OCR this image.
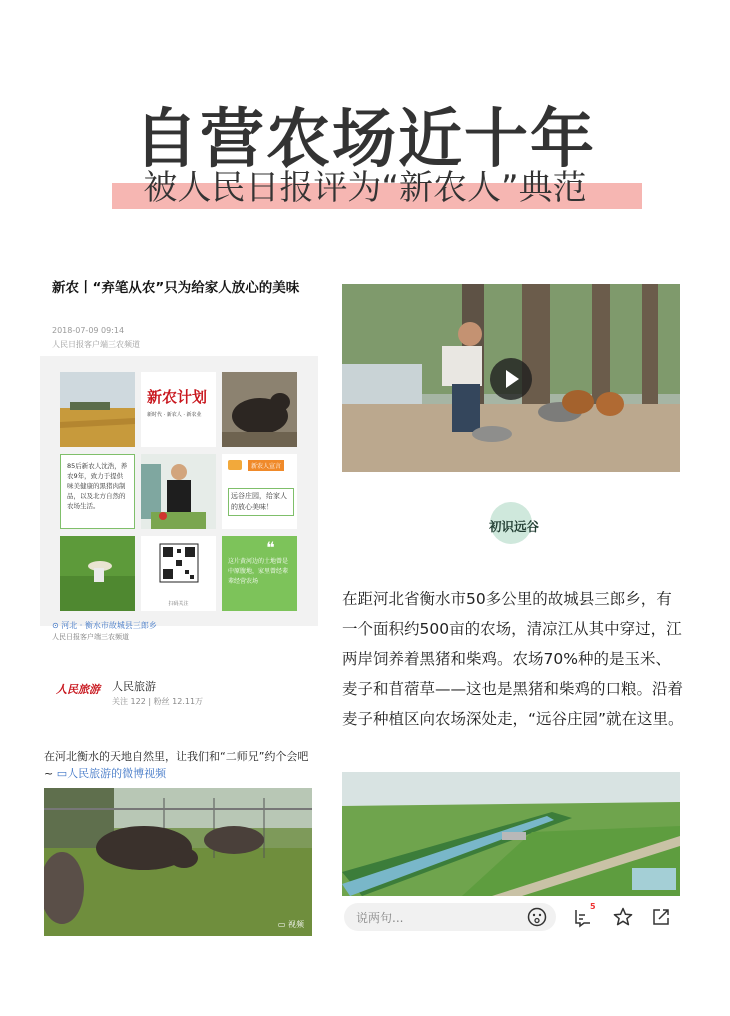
自营农场近十年
被人民日报评为“新农人”典范
新农丨“弃笔从农”只为给家人放心的美味
2018-07-09 09:14
人民日报客户端三农频道
新农计划
新时代 · 新农人 · 新农业
85后新农人沈浩，养农9年，致力于提供味美健康的黑猪肉制品，以及北方自然的农场生活。
新农人宣言
远谷庄园，给家人的放心美味！
扫码关注
❝
这片黄河边的土地曾是中原腹地，家里曾经辈辈经营农场
⊙ 河北 · 衡水市故城县三郎乡
人民日报客户端三农频道
人民旅游	人民旅游
关注 122 | 粉丝 12.11万
在河北衡水的天地自然里，让我们和“二师兄”约个会吧~ ▭人民旅游的微博视频
▭ 视频
初识远谷
在距河北省衡水市50多公里的故城县三郎乡，有一个面积约500亩的农场，清凉江从其中穿过，江两岸饲养着黑猪和柴鸡。农场70%种的是玉米、麦子和苜蓿草——这也是黑猪和柴鸡的口粮。沿着麦子种植区向农场深处走，“远谷庄园”就在这里。
说两句...
5
